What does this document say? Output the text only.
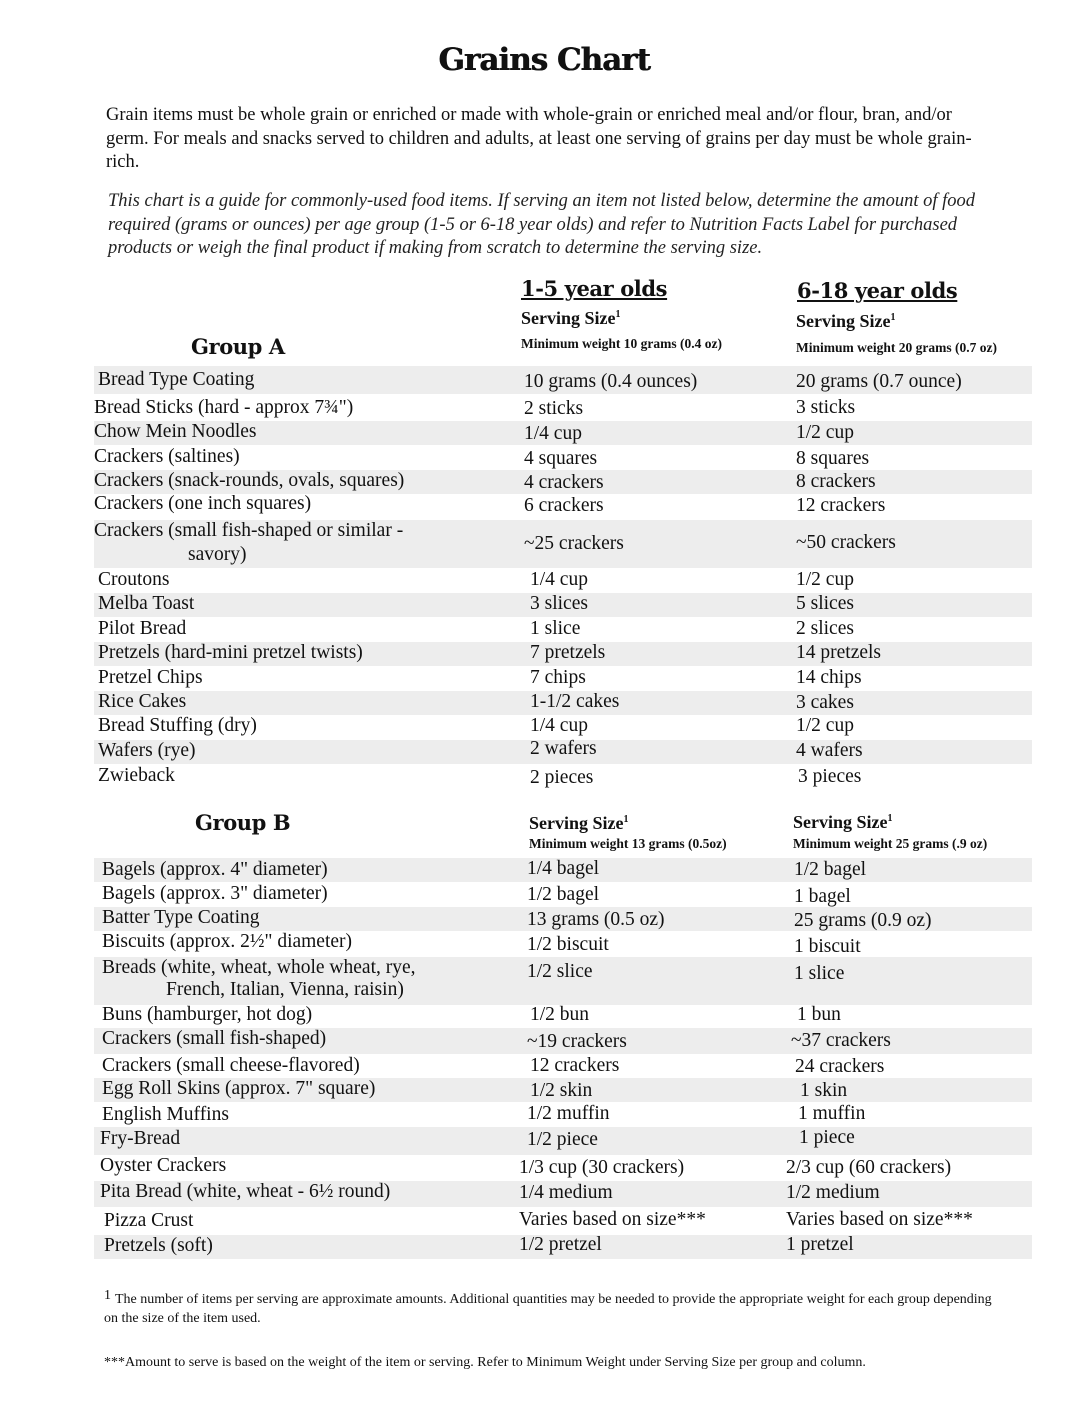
Grains Chart
Grain items must be whole grain or enriched or made with whole-grain or enriched meal and/or flour, bran, and/or germ. For meals and snacks served to children and adults, at least one serving of grains per day must be whole grain-rich.
This chart is a guide for commonly-used food items. If serving an item not listed below, determine the amount of food required (grams or ounces) per age group (1-5 or 6-18 year olds) and refer to Nutrition Facts Label for purchased products or weigh the final product if making from scratch to determine the serving size.
1-5 year olds	6-18 year olds
Group A
Serving Size$^1$	Serving Size$^1$
Minimum weight 10 grams (0.4 oz)	Minimum weight 20 grams (0.7 oz)
Bread Type Coating	10 grams (0.4 ounces)	20 grams (0.7 ounce)
Bread Sticks (hard - approx 7¾")	2 sticks	3 sticks
Chow Mein Noodles	1/4 cup	1/2 cup
Crackers (saltines)	4 squares	8 squares
Crackers (snack-rounds, ovals, squares)	4 crackers	8 crackers
Crackers (one inch squares)	6 crackers	12 crackers
Crackers (small fish-shaped or similar -
savory)
~25 crackers	~50 crackers
Croutons	1/4 cup	1/2 cup
Melba Toast	3 slices	5 slices
Pilot Bread	1 slice	2 slices
Pretzels (hard-mini pretzel twists)	7 pretzels	14 pretzels
Pretzel Chips	7 chips	14 chips
Rice Cakes	1-1/2 cakes	3 cakes
Bread Stuffing (dry)	1/4 cup	1/2 cup
Wafers (rye)	2 wafers	4 wafers
Zwieback	2 pieces	3 pieces
Group B	Serving Size$^1$	Serving Size$^1$
Minimum weight 13 grams (0.5oz)	Minimum weight 25 grams (.9 oz)
Bagels (approx. 4" diameter)	1/4 bagel	1/2 bagel
Bagels (approx. 3" diameter)	1/2 bagel	1 bagel
Batter Type Coating	13 grams (0.5 oz)	25 grams (0.9 oz)
Biscuits (approx. 2½" diameter)	1/2 biscuit	1 biscuit
Breads (white, wheat, whole wheat, rye,
French, Italian, Vienna, raisin)
1/2 slice	1 slice
Buns (hamburger, hot dog)	1/2 bun	1 bun
Crackers (small fish-shaped)	~19 crackers	~37 crackers
Crackers (small cheese-flavored)	12 crackers	24 crackers
Egg Roll Skins (approx. 7" square)	1/2 skin	1 skin
English Muffins	1/2 muffin	1 muffin
Fry-Bread	1/2 piece	1 piece
Oyster Crackers	1/3 cup (30 crackers)	2/3 cup (60 crackers)
Pita Bread (white, wheat - 6½ round)	1/4 medium	1/2 medium
Pizza Crust	Varies based on size***	Varies based on size***
Pretzels (soft)	1/2 pretzel	1 pretzel
$^1$ The number of items per serving are approximate amounts. Additional quantities may be needed to provide the appropriate weight for each group depending on the size of the item used.
***Amount to serve is based on the weight of the item or serving. Refer to Minimum Weight under Serving Size per group and column.
